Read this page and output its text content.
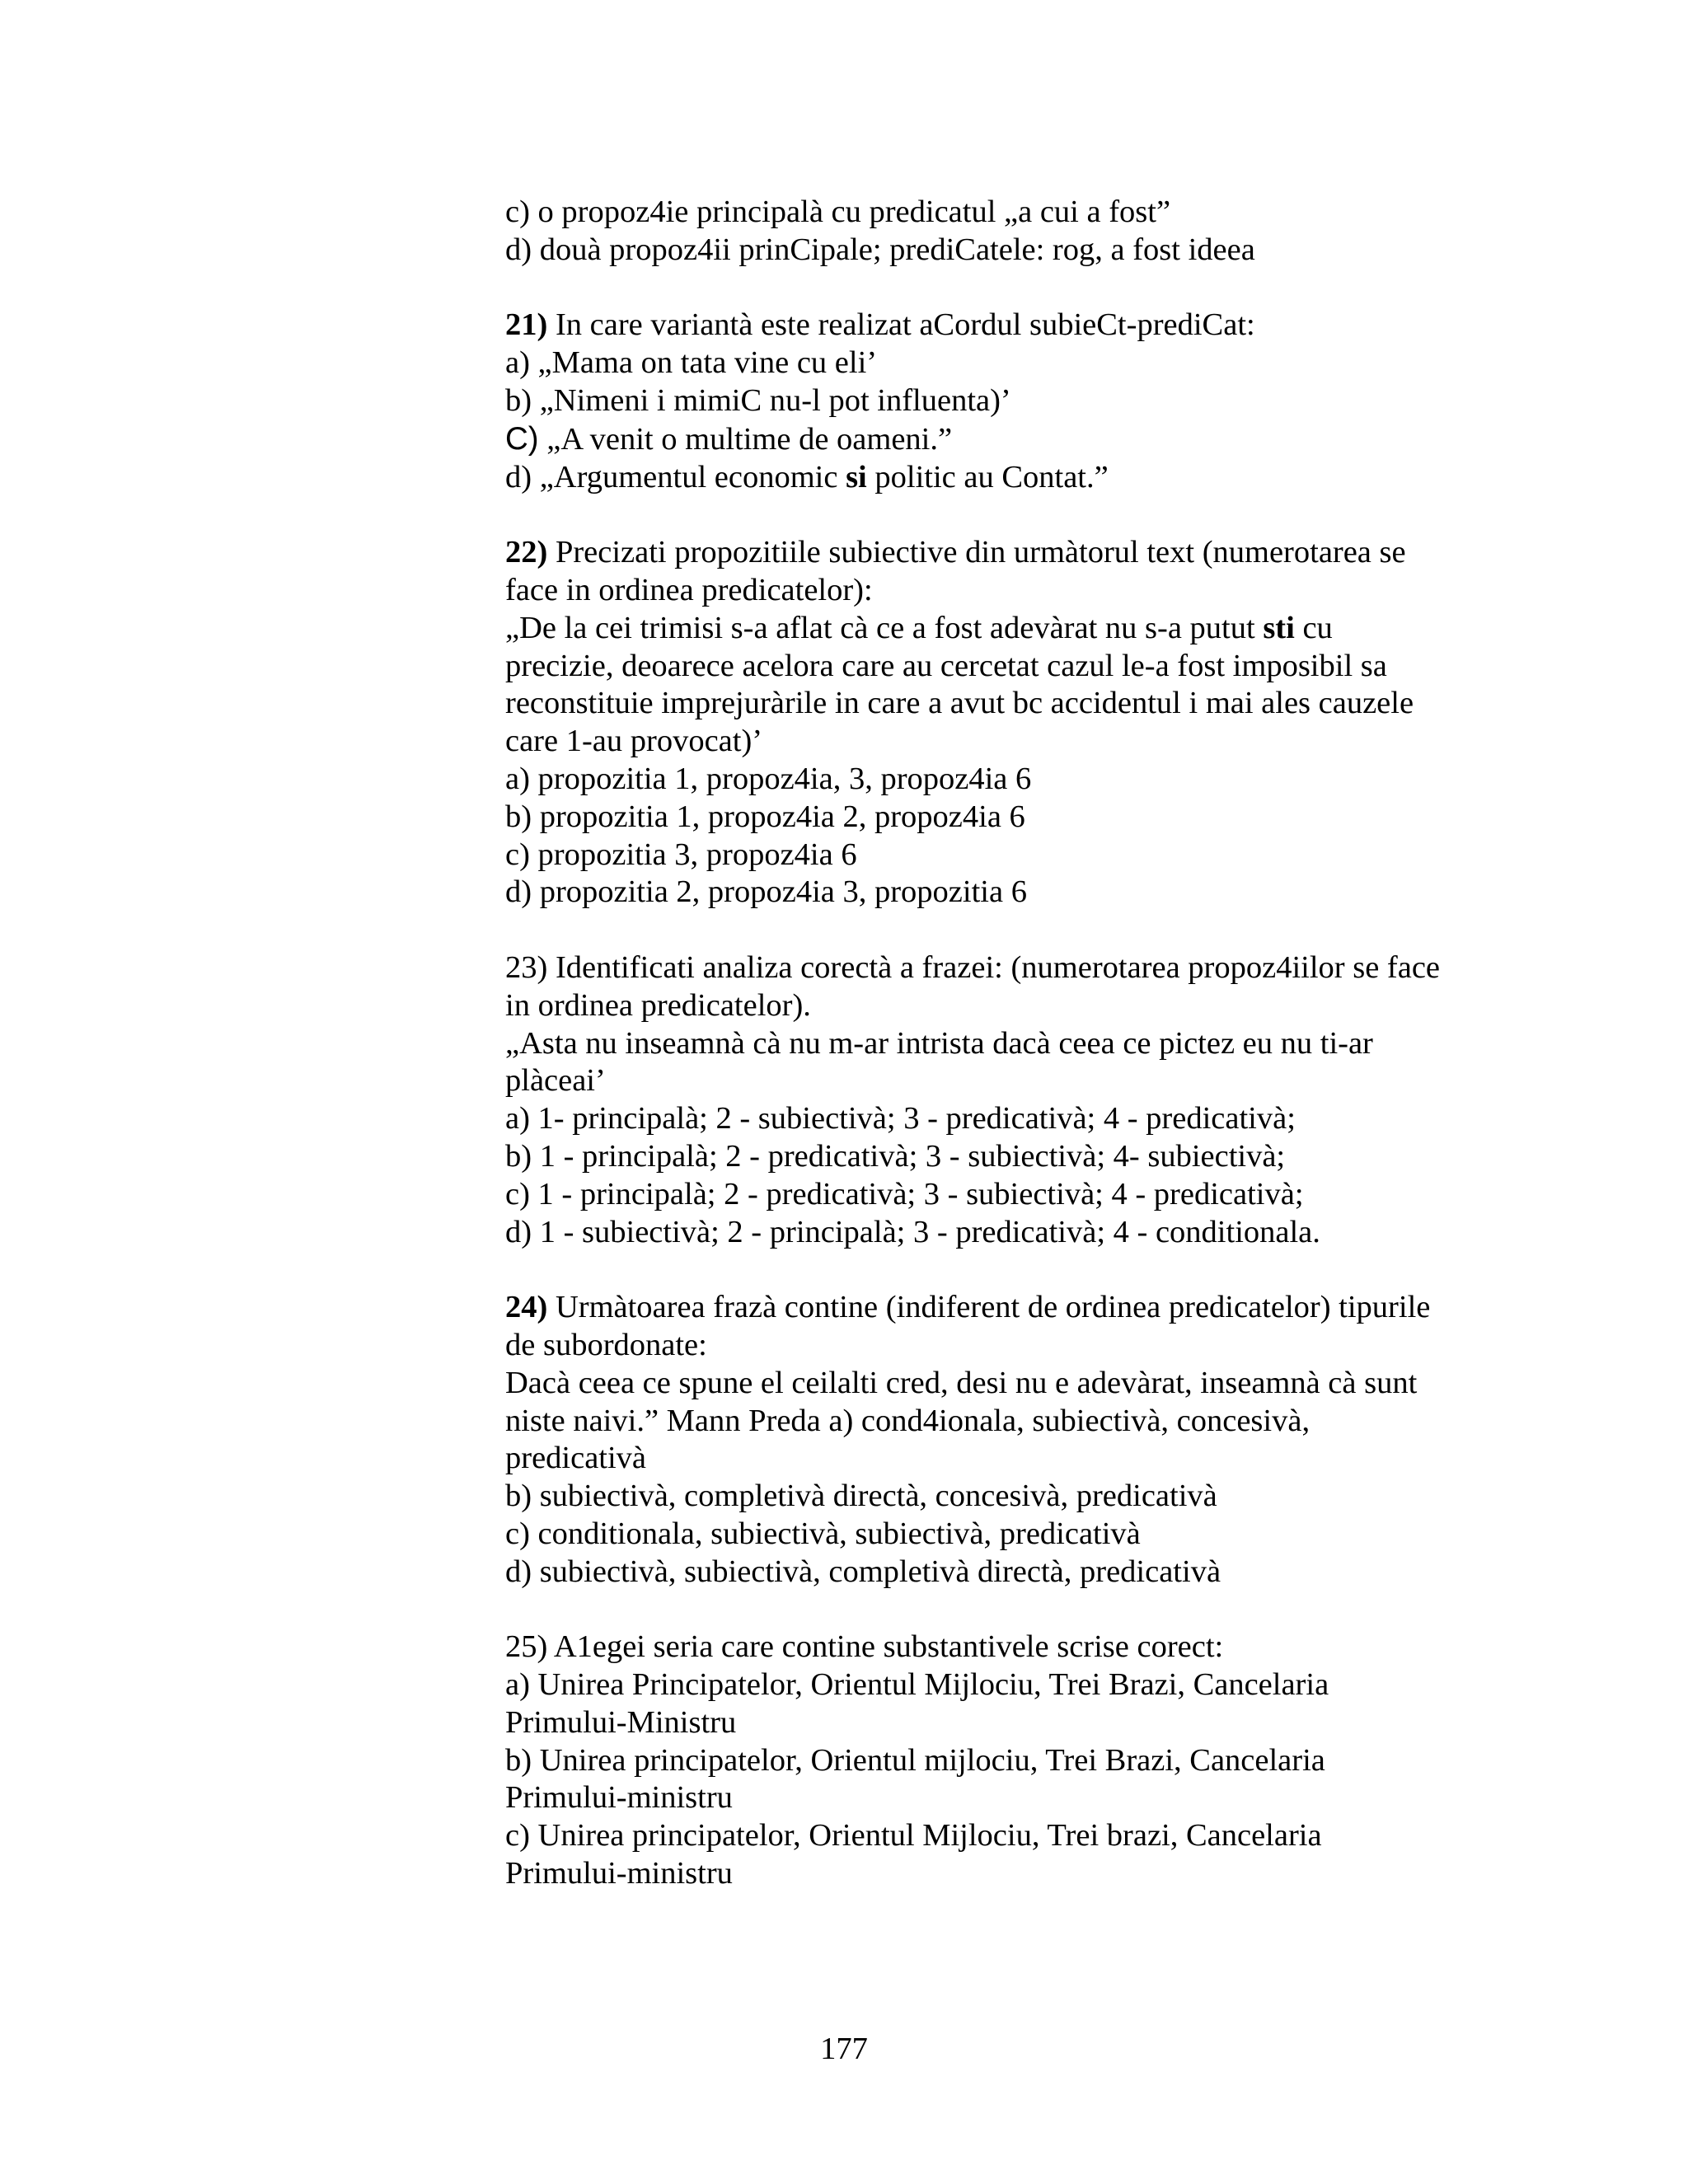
c) o propoz4ie principalà cu predicatul „a cui a fost”
d) douà propoz4ii prinCipale; prediCatele: rog, a fost ideea
21) In care variantà este realizat aCordul subieCt-prediCat:
a) „Mama on tata vine cu eli’
b) „Nimeni i mimiC nu-l pot influenta)’
C) „A venit o multime de oameni.”
d) „Argumentul economic si politic au Contat.”
22) Precizati propozitiile subiective din urmàtorul text (numerotarea se
face in ordinea predicatelor):
„De la cei trimisi s-a aflat cà ce a fost adevàrat nu s-a putut sti cu
precizie, deoarece acelora care au cercetat cazul le-a fost imposibil sa
reconstituie imprejuràrile in care a avut bc accidentul i mai ales cauzele
care 1-au provocat)’
a) propozitia 1, propoz4ia, 3, propoz4ia 6
b) propozitia 1, propoz4ia 2, propoz4ia 6
c) propozitia 3, propoz4ia 6
d) propozitia 2, propoz4ia 3, propozitia 6
23) Identificati analiza corectà a frazei: (numerotarea propoz4iilor se face
in ordinea predicatelor).
„Asta nu inseamnà cà nu m-ar intrista dacà ceea ce pictez eu nu ti-ar
plàceai’
a) 1- principalà; 2 - subiectivà; 3 - predicativà; 4 - predicativà;
b) 1 - principalà; 2 - predicativà; 3 - subiectivà; 4- subiectivà;
c) 1 - principalà; 2 - predicativà; 3 - subiectivà; 4 - predicativà;
d) 1 - subiectivà; 2 - principalà; 3 - predicativà; 4 - conditionala.
24) Urmàtoarea frazà contine (indiferent de ordinea predicatelor) tipurile
de subordonate:
Dacà ceea ce spune el ceilalti cred, desi nu e adevàrat, inseamnà cà sunt
niste naivi.” Mann Preda a) cond4ionala, subiectivà, concesivà,
predicativà
b) subiectivà, completivà directà, concesivà, predicativà
c) conditionala, subiectivà, subiectivà, predicativà
d) subiectivà, subiectivà, completivà directà, predicativà
25) A1egei seria care contine substantivele scrise corect:
a) Unirea Principatelor, Orientul Mijlociu, Trei Brazi, Cancelaria
Primului-Ministru
b) Unirea principatelor, Orientul mijlociu, Trei Brazi, Cancelaria
Primului-ministru
c) Unirea principatelor, Orientul Mijlociu, Trei brazi, Cancelaria
Primului-ministru
177
